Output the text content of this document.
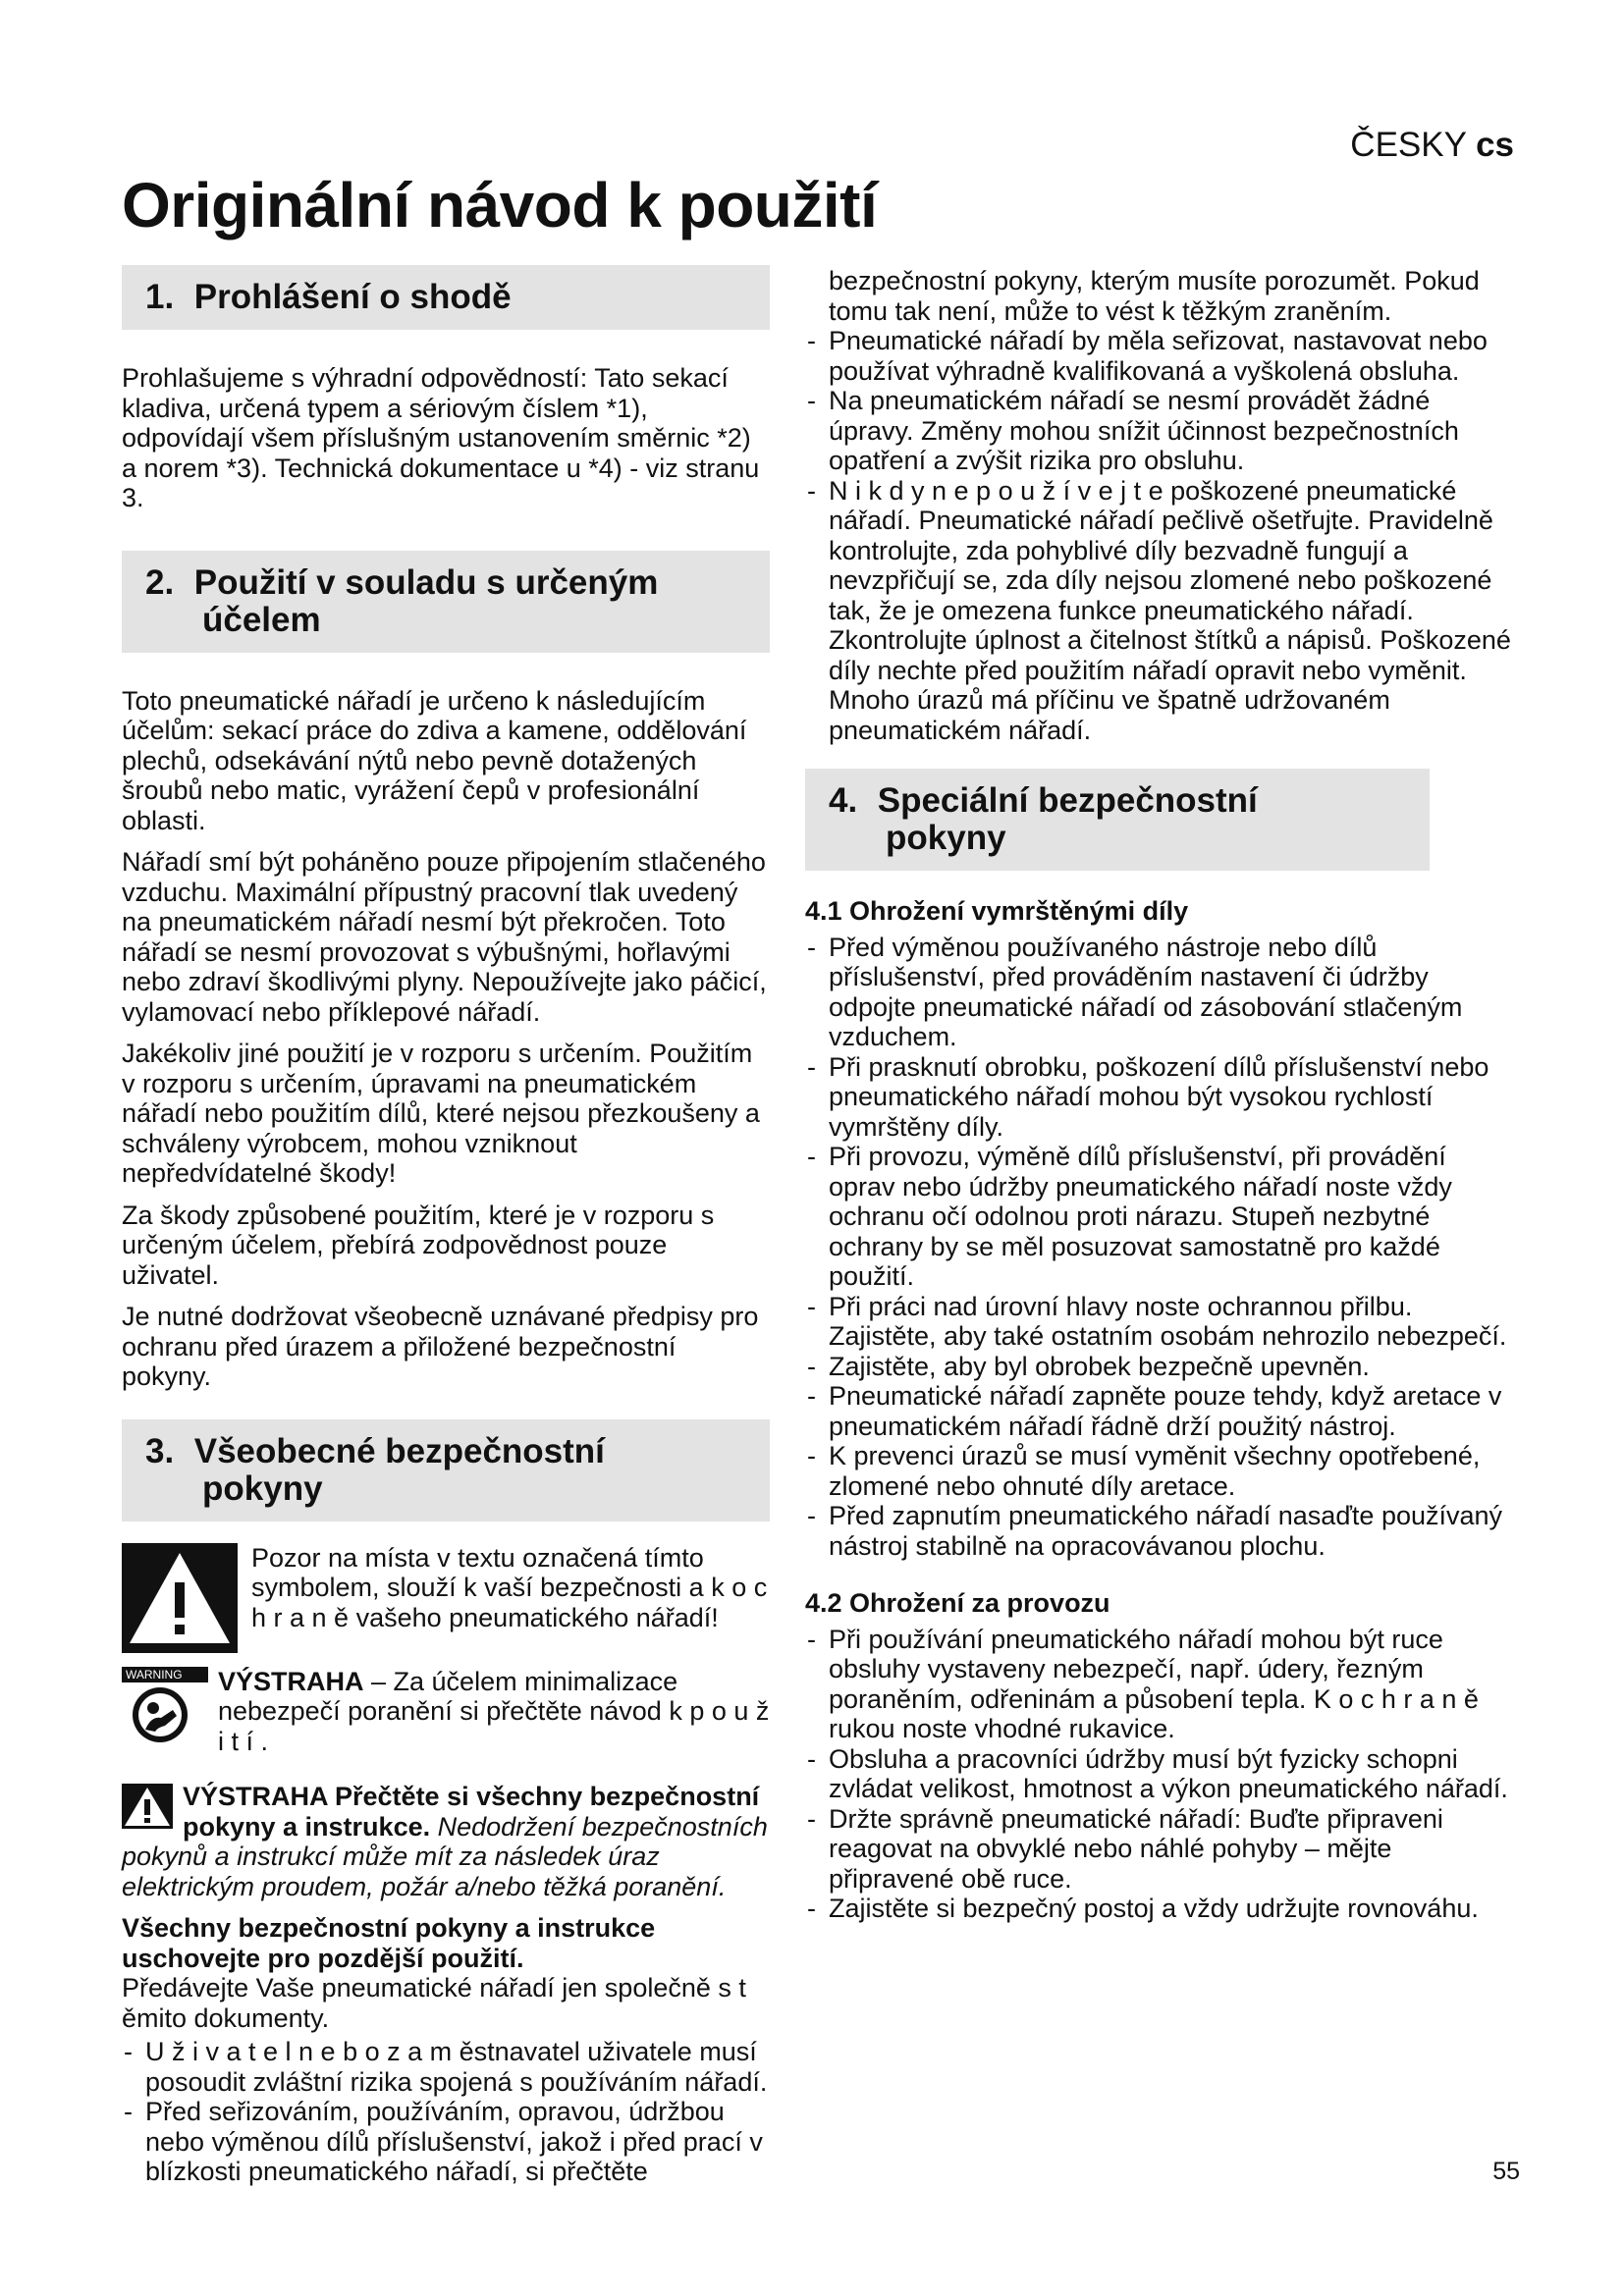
ČESKY cs
Originální návod k použití
1. Prohlášení o shodě

Prohlašujeme s výhradní odpovědností: Tato sekací kladiva, určená typem a sériovým číslem *1), odpovídají všem příslušným ustanovením směrnic *2) a norem *3). Technická dokumentace u *4) - viz stranu 3.

2. Použití v souladu s určeným
účelem

Toto pneumatické nářadí je určeno k následujícím účelům: sekací práce do zdiva a kamene, oddělování plechů, odsekávání nýtů nebo pevně dotažených šroubů nebo matic, vyrážení čepů v profesionální oblasti.

Nářadí smí být poháněno pouze připojením stlačeného vzduchu. Maximální přípustný pracovní tlak uvedený na pneumatickém nářadí nesmí být překročen. Toto nářadí se nesmí provozovat s výbušnými, hořlavými nebo zdraví škodlivými plyny. Nepoužívejte jako páčicí, vylamovací nebo příklepové nářadí.

Jakékoliv jiné použití je v rozporu s určením. Použitím v rozporu s určením, úpravami na pneumatickém nářadí nebo použitím dílů, které nejsou přezkoušeny a schváleny výrobcem, mohou vzniknout nepředvídatelné škody!

Za škody způsobené použitím, které je v rozporu s určeným účelem, přebírá zodpovědnost pouze uživatel.

Je nutné dodržovat všeobecně uznávané předpisy pro ochranu před úrazem a přiložené bezpečnostní pokyny.

3. Všeobecné bezpečnostní
pokyny

Pozor na místa v textu označená tímto symbolem, slouží k vaší bezpečnosti a k o c h r a n ě vašeho pneumatického nářadí!

WARNING	VÝSTRAHA – Za účelem minimalizace nebezpečí poranění si přečtěte návod k p o u ž i t í .

VÝSTRAHA Přečtěte si všechny bezpečnostní pokyny a instrukce. Nedodržení bezpečnostních pokynů a instrukcí může mít za následek úraz elektrickým proudem, požár a/nebo těžká poranění.

Všechny bezpečnostní pokyny a instrukce uschovejte pro pozdější použití.
Předávejte Vaše pneumatické nářadí jen společně s t ěmito dokumenty.

- U ž i v a t e l n e b o z a m ěstnavatel uživatele musí posoudit zvláštní rizika spojená s používáním nářadí.
- Před seřizováním, používáním, opravou, údržbou nebo výměnou dílů příslušenství, jakož i před prací v blízkosti pneumatického nářadí, si přečtěte

bezpečnostní pokyny, kterým musíte porozumět. Pokud tomu tak není, může to vést k těžkým zraněním.

- Pneumatické nářadí by měla seřizovat, nastavovat nebo používat výhradně kvalifikovaná a vyškolená obsluha.
- Na pneumatickém nářadí se nesmí provádět žádné úpravy. Změny mohou snížit účinnost bezpečnostních opatření a zvýšit rizika pro obsluhu.
- N i k d y n e p o u ž í v e j t e poškozené pneumatické nářadí. Pneumatické nářadí pečlivě ošetřujte. Pravidelně kontrolujte, zda pohyblivé díly bezvadně fungují a nevzpřičují se, zda díly nejsou zlomené nebo poškozené tak, že je omezena funkce pneumatického nářadí. Zkontrolujte úplnost a čitelnost štítků a nápisů. Poškozené díly nechte před použitím nářadí opravit nebo vyměnit. Mnoho úrazů má příčinu ve špatně udržovaném pneumatickém nářadí.
4. Speciální bezpečnostní
pokyny
4.1 Ohrožení vymrštěnými díly
- Před výměnou používaného nástroje nebo dílů příslušenství, před prováděním nastavení či údržby odpojte pneumatické nářadí od zásobování stlačeným vzduchem.
- Při prasknutí obrobku, poškození dílů příslušenství nebo pneumatického nářadí mohou být vysokou rychlostí vymrštěny díly.
- Při provozu, výměně dílů příslušenství, při provádění oprav nebo údržby pneumatického nářadí noste vždy ochranu očí odolnou proti nárazu. Stupeň nezbytné ochrany by se měl posuzovat samostatně pro každé použití.
- Při práci nad úrovní hlavy noste ochrannou přilbu. Zajistěte, aby také ostatním osobám nehrozilo nebezpečí.
- Zajistěte, aby byl obrobek bezpečně upevněn.
- Pneumatické nářadí zapněte pouze tehdy, když aretace v pneumatickém nářadí řádně drží použitý nástroj.
- K prevenci úrazů se musí vyměnit všechny opotřebené, zlomené nebo ohnuté díly aretace.
- Před zapnutím pneumatického nářadí nasaďte používaný nástroj stabilně na opracovávanou plochu.
4.2 Ohrožení za provozu
- Při používání pneumatického nářadí mohou být ruce obsluhy vystaveny nebezpečí, např. údery, řezným poraněním, odřeninám a působení tepla. K o c h r a n ě rukou noste vhodné rukavice.
- Obsluha a pracovníci údržby musí být fyzicky schopni zvládat velikost, hmotnost a výkon pneumatického nářadí.
- Držte správně pneumatické nářadí: Buďte připraveni reagovat na obvyklé nebo náhlé pohyby – mějte připravené obě ruce.
- Zajistěte si bezpečný postoj a vždy udržujte rovnováhu.
55
